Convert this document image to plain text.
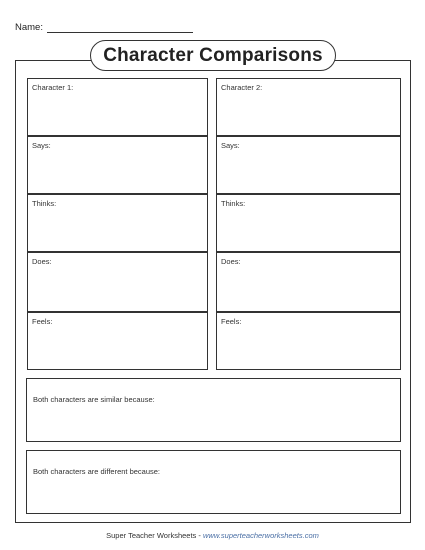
Name:
Character Comparisons
Character 1:
Says:
Thinks:
Does:
Feels:
Character 2:
Says:
Thinks:
Does:
Feels:
Both characters are similar because:
Both characters are different because:
Super Teacher Worksheets - www.superteacherworksheets.com
